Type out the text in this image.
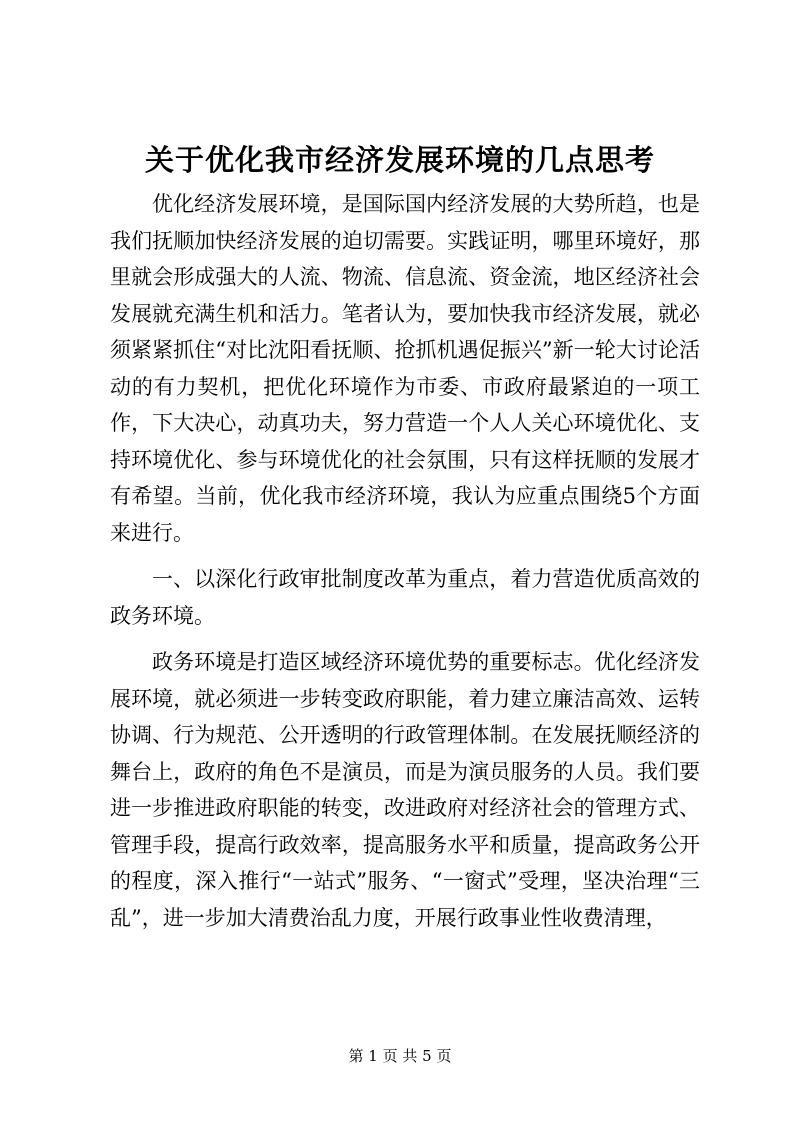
关于优化我市经济发展环境的几点思考

优化经济发展环境，是国际国内经济发展的大势所趋，也是我们抚顺加快经济发展的迫切需要。实践证明，哪里环境好，那里就会形成强大的人流、物流、信息流、资金流，地区经济社会发展就充满生机和活力。笔者认为，要加快我市经济发展，就必须紧紧抓住“对比沈阳看抚顺、抢抓机遇促振兴”新一轮大讨论活动的有力契机，把优化环境作为市委、市政府最紧迫的一项工作，下大决心，动真功夫，努力营造一个人人关心环境优化、支持环境优化、参与环境优化的社会氛围，只有这样抚顺的发展才有希望。当前，优化我市经济环境，我认为应重点围绕5个方面来进行。

一、以深化行政审批制度改革为重点，着力营造优质高效的政务环境。

政务环境是打造区域经济环境优势的重要标志。优化经济发展环境，就必须进一步转变政府职能，着力建立廉洁高效、运转协调、行为规范、公开透明的行政管理体制。在发展抚顺经济的舞台上，政府的角色不是演员，而是为演员服务的人员。我们要进一步推进政府职能的转变，改进政府对经济社会的管理方式、管理手段，提高行政效率，提高服务水平和质量，提高政务公开的程度，深入推行“一站式”服务、“一窗式”受理，坚决治理“三乱”，进一步加大清费治乱力度，开展行政事业性收费清理，

第 1 页 共 5 页
